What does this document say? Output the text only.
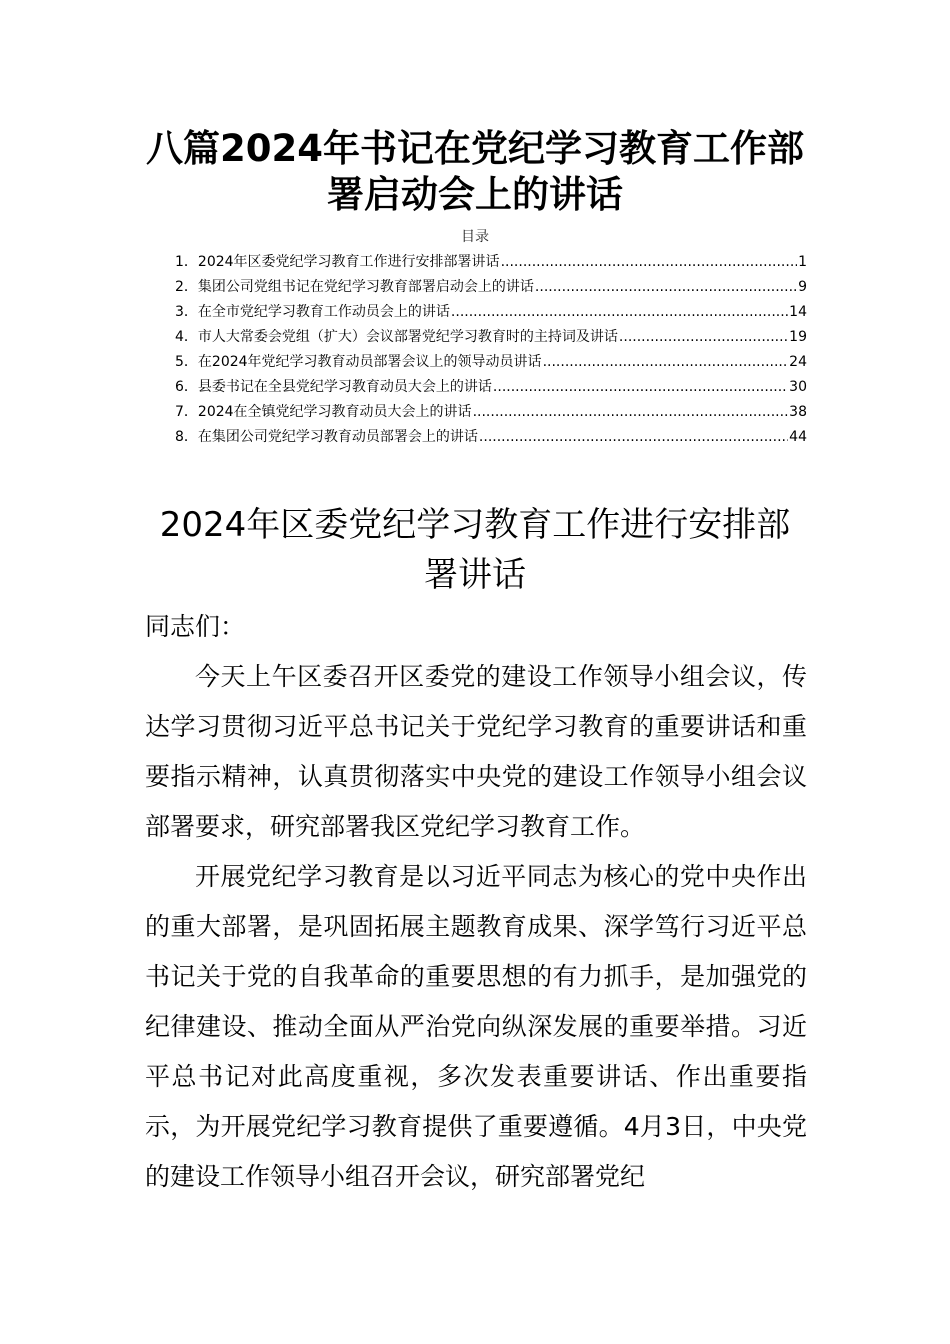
八篇2024年书记在党纪学习教育工作部署启动会上的讲话
目录
1． 2024年区委党纪学习教育工作进行安排部署讲话 .....	1
2． 集团公司党组书记在党纪学习教育部署启动会上的讲话 .....	9
3． 在全市党纪学习教育工作动员会上的讲话 .....	14
4． 市人大常委会党组（扩大）会议部署党纪学习教育时的主持词及讲话 .....	19
5． 在2024年党纪学习教育动员部署会议上的领导动员讲话 .....	24
6． 县委书记在全县党纪学习教育动员大会上的讲话 .....	30
7． 2024在全镇党纪学习教育动员大会上的讲话 .....	38
8． 在集团公司党纪学习教育动员部署会上的讲话 .....	44
2024年区委党纪学习教育工作进行安排部署讲话

同志们：

今天上午区委召开区委党的建设工作领导小组会议，传达学习贯彻习近平总书记关于党纪学习教育的重要讲话和重要指示精神，认真贯彻落实中央党的建设工作领导小组会议部署要求，研究部署我区党纪学习教育工作。

开展党纪学习教育是以习近平同志为核心的党中央作出的重大部署，是巩固拓展主题教育成果、深学笃行习近平总书记关于党的自我革命的重要思想的有力抓手，是加强党的纪律建设、推动全面从严治党向纵深发展的重要举措。习近平总书记对此高度重视，多次发表重要讲话、作出重要指示，为开展党纪学习教育提供了重要遵循。4月3日，中央党的建设工作领导小组召开会议，研究部署党纪
